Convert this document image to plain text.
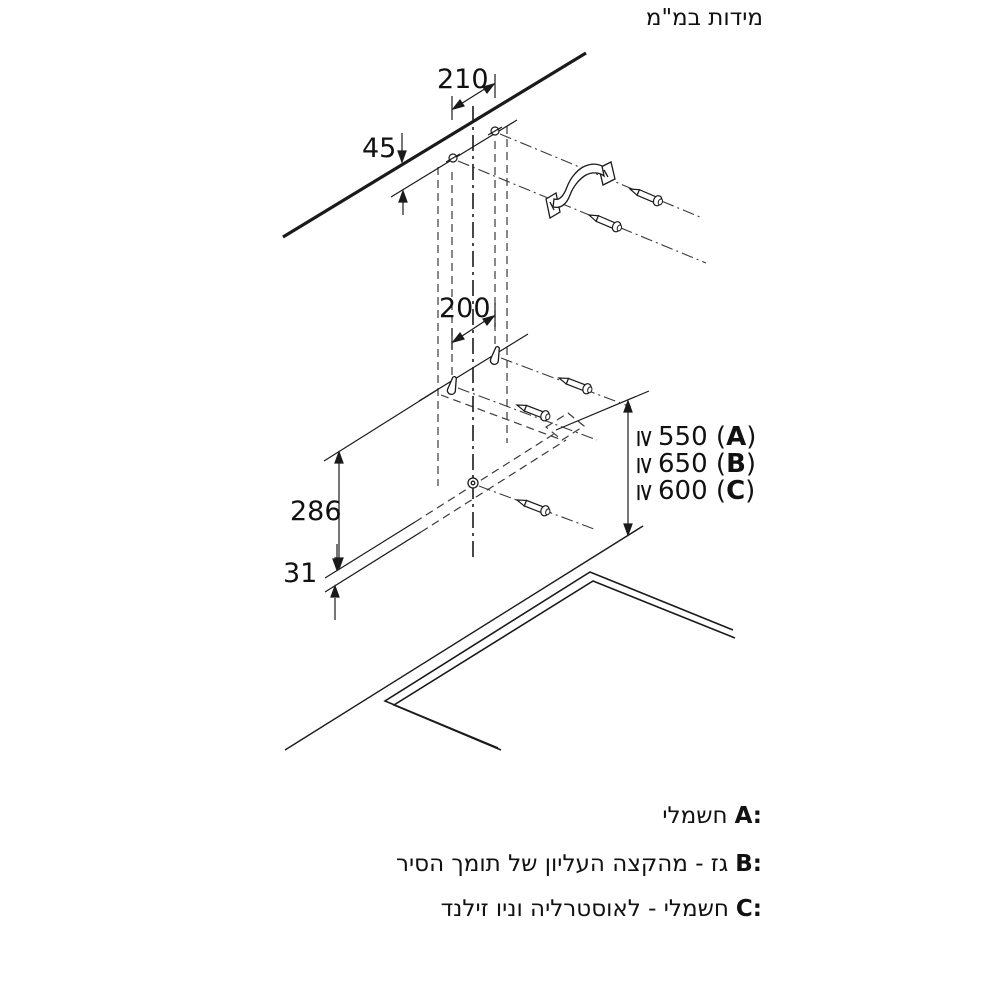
מידות במ"מ
210
45
200
286
31
≥
550
( A )
≥
650
( B )
≥
600
( C )
חשמלי A:
גז - מהקצה העליון של תומך הסיר B:
חשמלי - לאוסטרליה וניו זילנד C:
